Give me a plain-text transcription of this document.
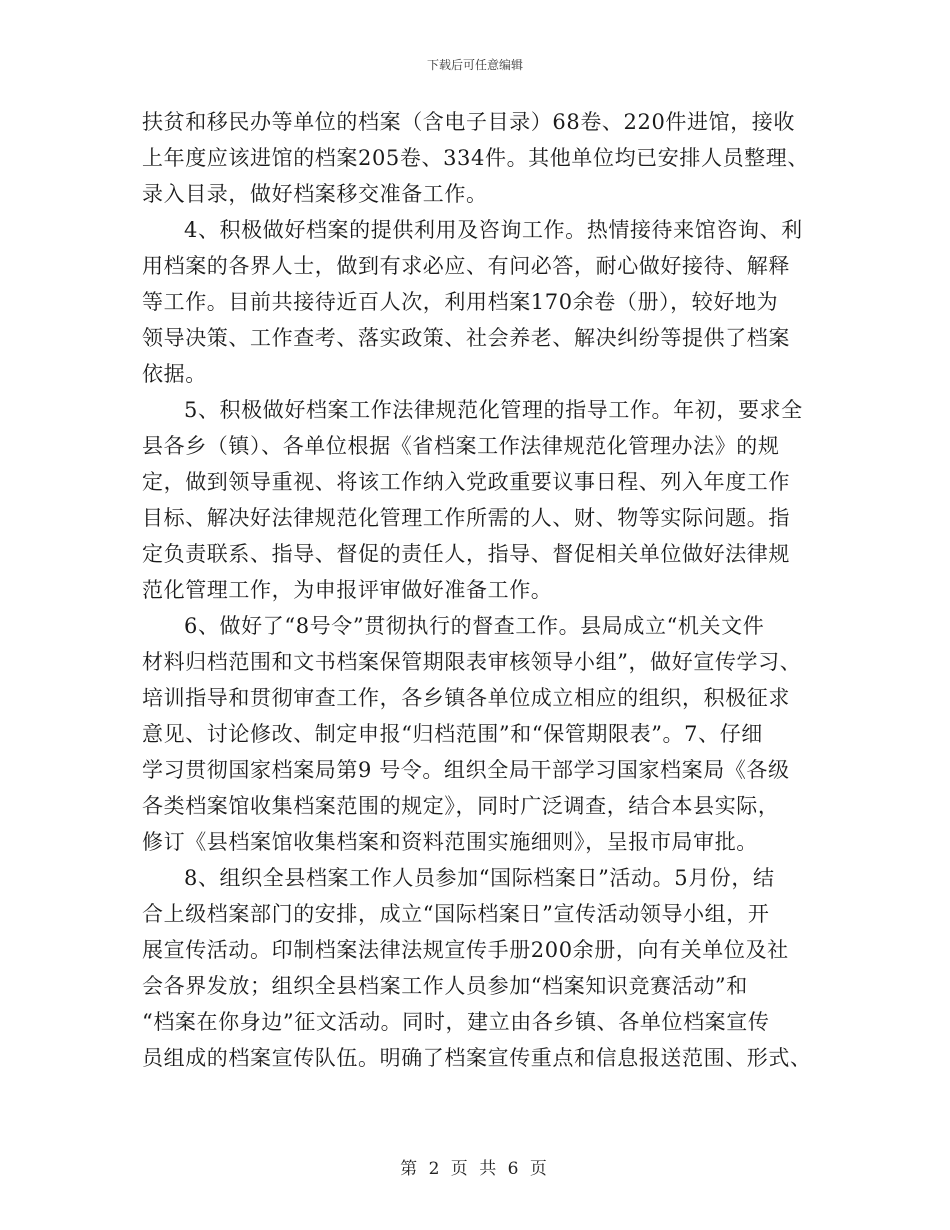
下载后可任意编辑
扶贫和移民办等单位的档案（含电子目录）68卷、220件进馆，接收
上年度应该进馆的档案205卷、334件。其他单位均已安排人员整理、
录入目录，做好档案移交准备工作。
4、积极做好档案的提供利用及咨询工作。热情接待来馆咨询、利
用档案的各界人士，做到有求必应、有问必答，耐心做好接待、解释
等工作。目前共接待近百人次，利用档案170余卷（册），较好地为
领导决策、工作查考、落实政策、社会养老、解决纠纷等提供了档案
依据。
5、积极做好档案工作法律规范化管理的指导工作。年初，要求全
县各乡（镇）、各单位根据《省档案工作法律规范化管理办法》的规
定，做到领导重视、将该工作纳入党政重要议事日程、列入年度工作
目标、解决好法律规范化管理工作所需的人、财、物等实际问题。指
定负责联系、指导、督促的责任人，指导、督促相关单位做好法律规
范化管理工作，为申报评审做好准备工作。
6、做好了“8号令”贯彻执行的督查工作。县局成立“机关文件
材料归档范围和文书档案保管期限表审核领导小组”，做好宣传学习、
培训指导和贯彻审查工作，各乡镇各单位成立相应的组织，积极征求
意见、讨论修改、制定申报“归档范围”和“保管期限表”。7、仔细
学习贯彻国家档案局第9 号令。组织全局干部学习国家档案局《各级
各类档案馆收集档案范围的规定》，同时广泛调查，结合本县实际，
修订《县档案馆收集档案和资料范围实施细则》，呈报市局审批。
8、组织全县档案工作人员参加“国际档案日”活动。5月份，结
合上级档案部门的安排，成立“国际档案日”宣传活动领导小组，开
展宣传活动。印制档案法律法规宣传手册200余册，向有关单位及社
会各界发放；组织全县档案工作人员参加“档案知识竞赛活动”和
“档案在你身边”征文活动。同时，建立由各乡镇、各单位档案宣传
员组成的档案宣传队伍。明确了档案宣传重点和信息报送范围、形式、
第 2 页 共 6 页
